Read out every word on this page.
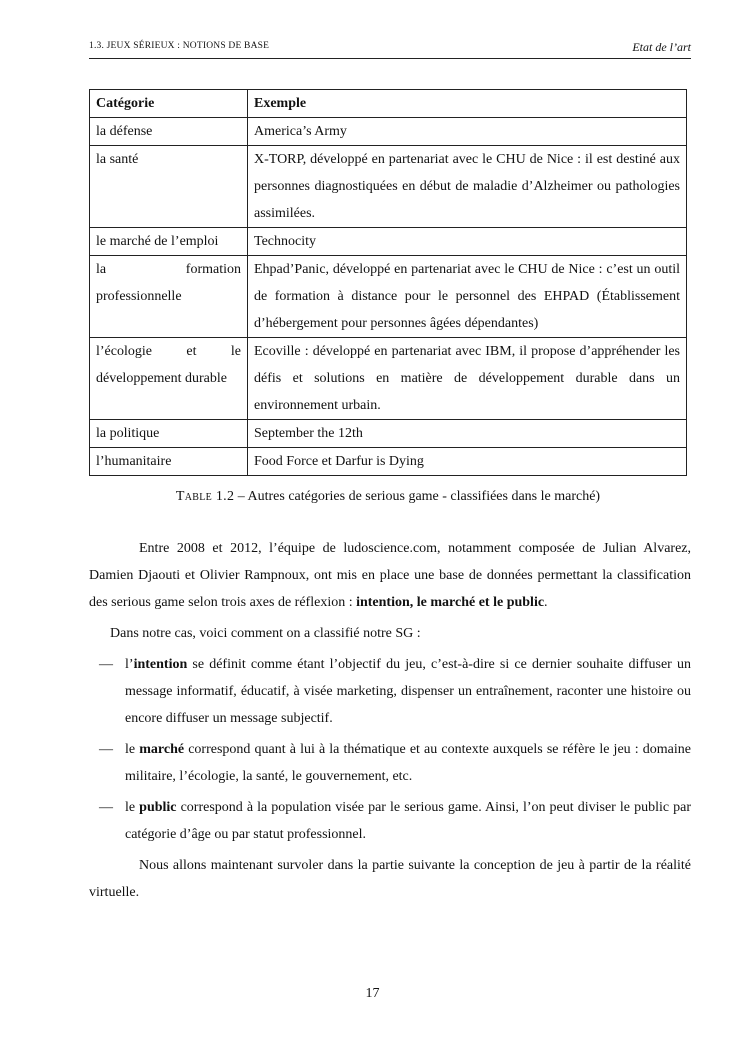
1.3. JEUX SÉRIEUX : NOTIONS DE BASE	Etat de l’art
Catégorie	Exemple
la défense	America’s Army
la santé	X-TORP, développé en partenariat avec le CHU de Nice : il est destiné aux personnes diagnostiquées en début de maladie d’Alzheimer ou pathologies assimilées.
le marché de l’emploi	Technocity
la formation professionnelle	Ehpad’Panic, développé en partenariat avec le CHU de Nice : c’est un outil de formation à distance pour le personnel des EHPAD (Établissement d’hébergement pour personnes âgées dépendantes)
l’écologie et le développement durable	Ecoville : développé en partenariat avec IBM, il propose d’appréhender les défis et solutions en matière de développement durable dans un environnement urbain.
la politique	September the 12th
l’humanitaire	Food Force et Darfur is Dying
Table 1.2 – Autres catégories de serious game - classifiées dans le marché)

Entre 2008 et 2012, l’équipe de ludoscience.com, notamment composée de Julian Alvarez, Damien Djaouti et Olivier Rampnoux, ont mis en place une base de données permettant la classification des serious game selon trois axes de réflexion : intention, le marché et le public.

Dans notre cas, voici comment on a classifié notre SG :

— l’intention se définit comme étant l’objectif du jeu, c’est-à-dire si ce dernier souhaite diffuser un message informatif, éducatif, à visée marketing, dispenser un entraînement, raconter une histoire ou encore diffuser un message subjectif.
— le marché correspond quant à lui à la thématique et au contexte auxquels se réfère le jeu : domaine militaire, l’écologie, la santé, le gouvernement, etc.
— le public correspond à la population visée par le serious game. Ainsi, l’on peut diviser le public par catégorie d’âge ou par statut professionnel.

Nous allons maintenant survoler dans la partie suivante la conception de jeu à partir de la réalité virtuelle.

17
